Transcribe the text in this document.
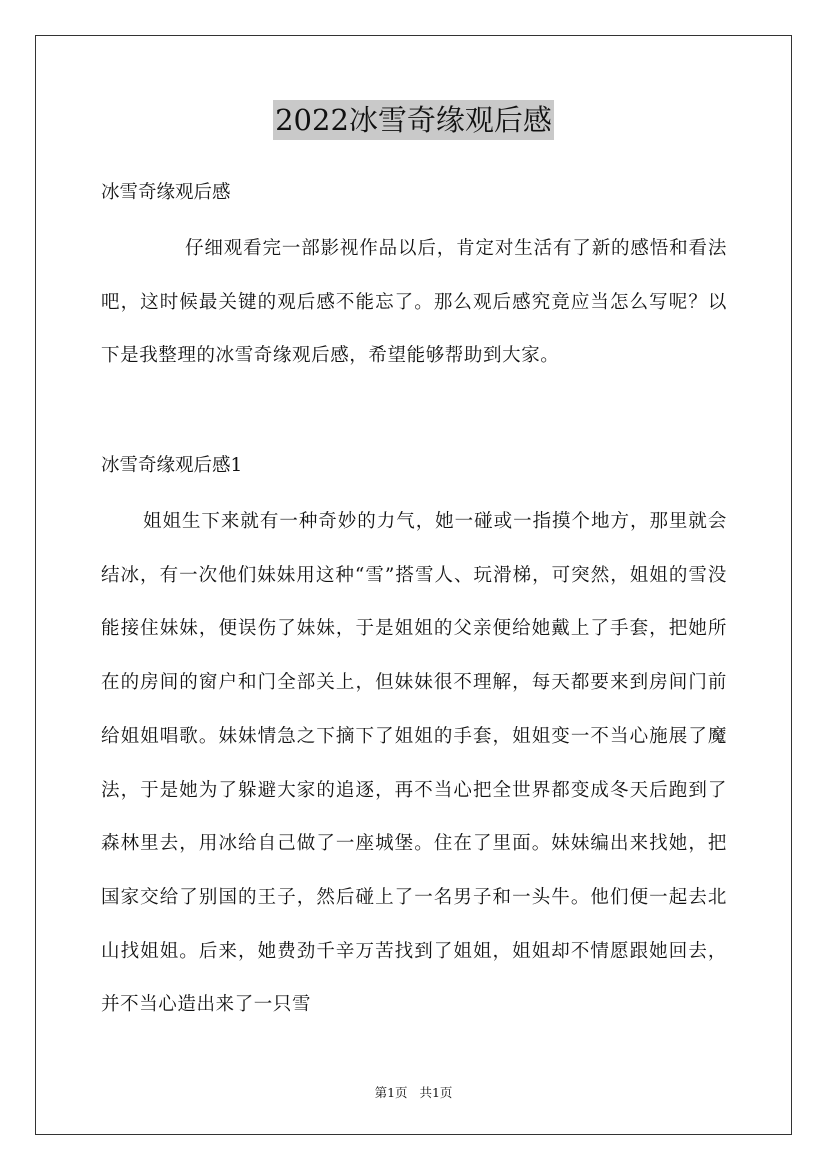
2022冰雪奇缘观后感
冰雪奇缘观后感

仔细观看完一部影视作品以后，肯定对生活有了新的感悟和看法吧，这时候最关键的观后感不能忘了。那么观后感究竟应当怎么写呢？以下是我整理的冰雪奇缘观后感，希望能够帮助到大家。

冰雪奇缘观后感1

姐姐生下来就有一种奇妙的力气，她一碰或一指摸个地方，那里就会结冰，有一次他们妹妹用这种“雪”搭雪人、玩滑梯，可突然，姐姐的雪没能接住妹妹，便误伤了妹妹，于是姐姐的父亲便给她戴上了手套，把她所在的房间的窗户和门全部关上，但妹妹很不理解，每天都要来到房间门前给姐姐唱歌。妹妹情急之下摘下了姐姐的手套，姐姐变一不当心施展了魔法，于是她为了躲避大家的追逐，再不当心把全世界都变成冬天后跑到了森林里去，用冰给自己做了一座城堡。住在了里面。妹妹编出来找她，把国家交给了别国的王子，然后碰上了一名男子和一头牛。他们便一起去北山找姐姐。后来，她费劲千辛万苦找到了姐姐，姐姐却不情愿跟她回去，并不当心造出来了一只雪

第1页   共1页
